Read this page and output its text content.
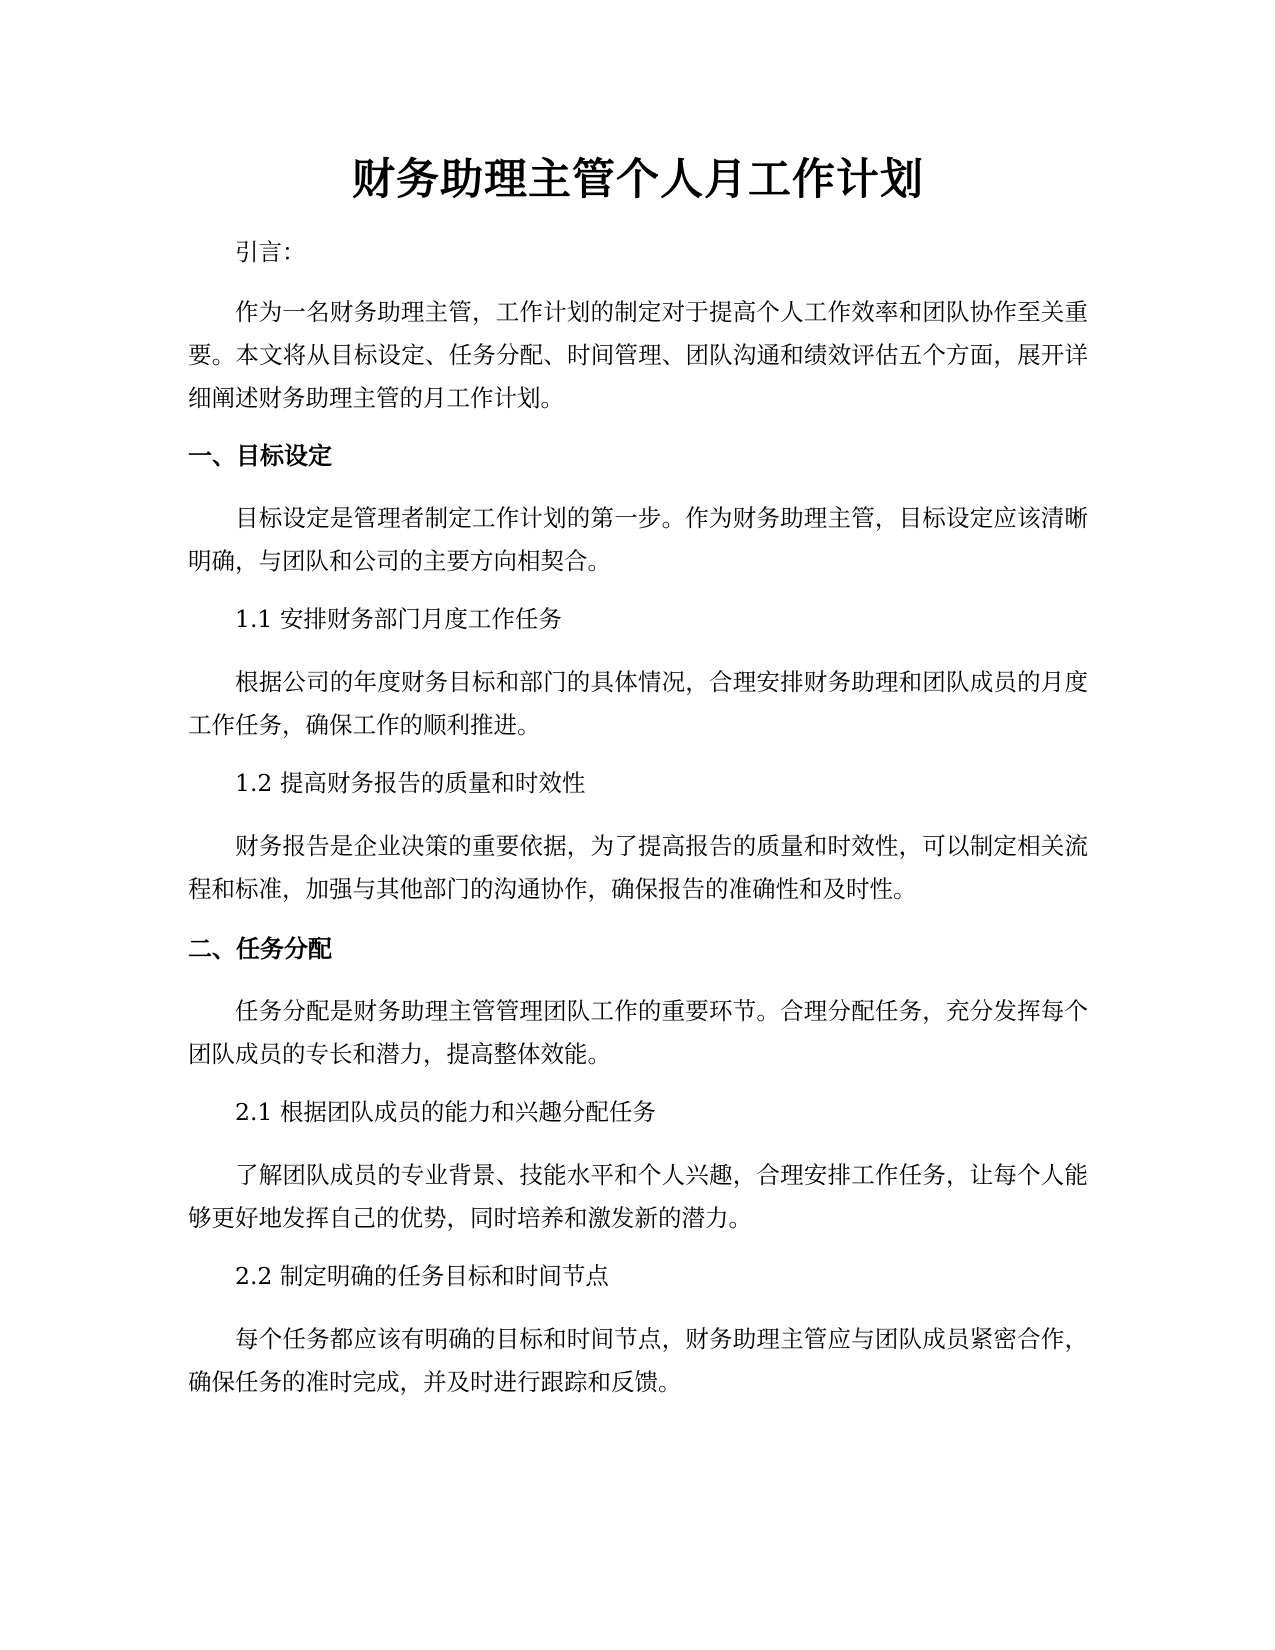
财务助理主管个人月工作计划

引言：

作为一名财务助理主管，工作计划的制定对于提高个人工作效率和团队协作至关重要。本文将从目标设定、任务分配、时间管理、团队沟通和绩效评估五个方面，展开详细阐述财务助理主管的月工作计划。

一、目标设定

目标设定是管理者制定工作计划的第一步。作为财务助理主管，目标设定应该清晰明确，与团队和公司的主要方向相契合。

1.1 安排财务部门月度工作任务

根据公司的年度财务目标和部门的具体情况，合理安排财务助理和团队成员的月度工作任务，确保工作的顺利推进。

1.2 提高财务报告的质量和时效性

财务报告是企业决策的重要依据，为了提高报告的质量和时效性，可以制定相关流程和标准，加强与其他部门的沟通协作，确保报告的准确性和及时性。

二、任务分配

任务分配是财务助理主管管理团队工作的重要环节。合理分配任务，充分发挥每个团队成员的专长和潜力，提高整体效能。

2.1 根据团队成员的能力和兴趣分配任务

了解团队成员的专业背景、技能水平和个人兴趣，合理安排工作任务，让每个人能够更好地发挥自己的优势，同时培养和激发新的潜力。

2.2 制定明确的任务目标和时间节点

每个任务都应该有明确的目标和时间节点，财务助理主管应与团队成员紧密合作，确保任务的准时完成，并及时进行跟踪和反馈。
